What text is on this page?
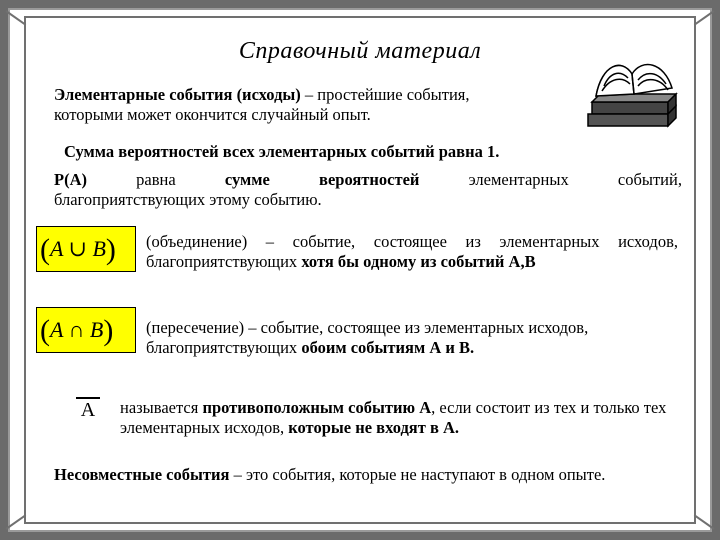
Справочный материал
Элементарные события (исходы) – простейшие события,
которыми может окончится случайный опыт.
Сумма вероятностей всех элементарных событий равна 1.
P(A)	равна	сумме	вероятностей	элементарных	событий,
благоприятствующих этому событию.
(A ∪ B) (объединение) – событие, состоящее из элементарных исходов, благоприятствующих хотя бы одному из событий А,В
(A ∩ B) (пересечение) – событие, состоящее из элементарных исходов, благоприятствующих обоим событиям А и В.
A называется противоположным событию А, если состоит из тех и только тех элементарных исходов, которые не входят в А.
Несовместные события – это события, которые не наступают в одном опыте.
